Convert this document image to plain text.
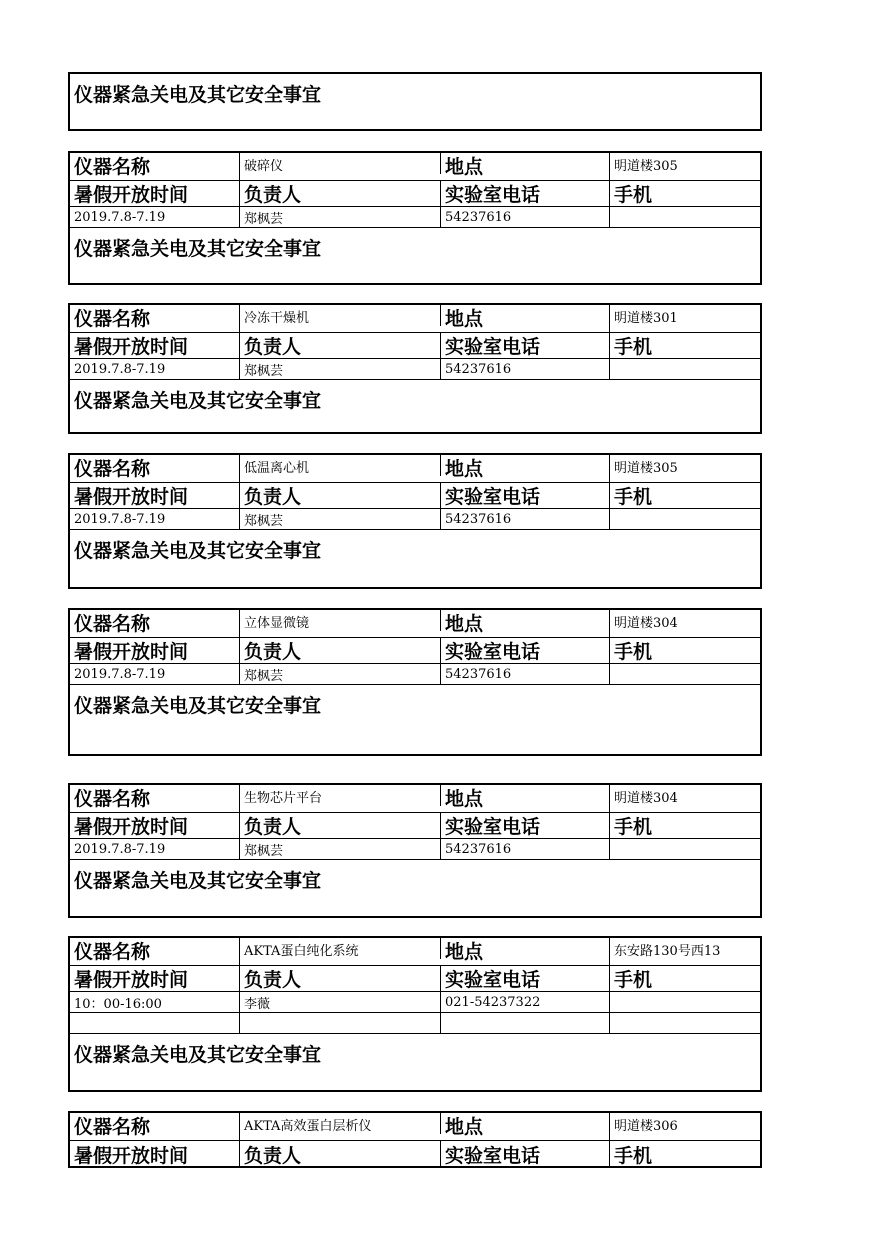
仪器紧急关电及其它安全事宜
仪器名称	破碎仪	地点	明道楼305
暑假开放时间	负责人	实验室电话	手机
2019.7.8-7.19	郑枫芸	54237616
仪器紧急关电及其它安全事宜
仪器名称	冷冻干燥机	地点	明道楼301
暑假开放时间	负责人	实验室电话	手机
2019.7.8-7.19	郑枫芸	54237616
仪器紧急关电及其它安全事宜
仪器名称	低温离心机	地点	明道楼305
暑假开放时间	负责人	实验室电话	手机
2019.7.8-7.19	郑枫芸	54237616
仪器紧急关电及其它安全事宜
仪器名称	立体显微镜	地点	明道楼304
暑假开放时间	负责人	实验室电话	手机
2019.7.8-7.19	郑枫芸	54237616
仪器紧急关电及其它安全事宜
仪器名称	生物芯片平台	地点	明道楼304
暑假开放时间	负责人	实验室电话	手机
2019.7.8-7.19	郑枫芸	54237616
仪器紧急关电及其它安全事宜
仪器名称	AKTA蛋白纯化系统	地点	东安路130号西13
暑假开放时间	负责人	实验室电话	手机
10：00-16:00	李薇	021-54237322
仪器紧急关电及其它安全事宜
仪器名称	AKTA高效蛋白层析仪	地点	明道楼306
暑假开放时间	负责人	实验室电话	手机
